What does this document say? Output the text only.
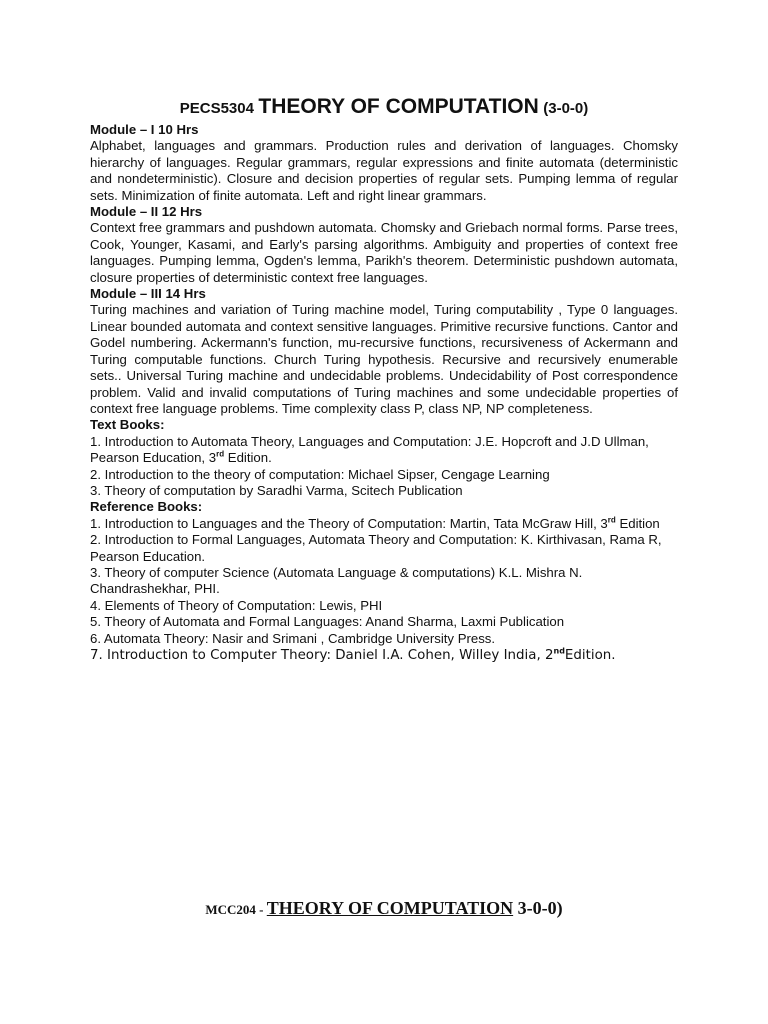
PECS5304 THEORY OF COMPUTATION (3-0-0)

Module – I 10 Hrs

Alphabet, languages and grammars. Production rules and derivation of languages. Chomsky hierarchy of languages. Regular grammars, regular expressions and finite automata (deterministic and nondeterministic). Closure and decision properties of regular sets. Pumping lemma of regular sets. Minimization of finite automata. Left and right linear grammars.

Module – II 12 Hrs

Context free grammars and pushdown automata. Chomsky and Griebach normal forms. Parse trees, Cook, Younger, Kasami, and Early's parsing algorithms. Ambiguity and properties of context free languages. Pumping lemma, Ogden's lemma, Parikh's theorem. Deterministic pushdown automata, closure properties of deterministic context free languages.

Module – III 14 Hrs

Turing machines and variation of Turing machine model, Turing computability , Type 0 languages. Linear bounded automata and context sensitive languages. Primitive recursive functions. Cantor and Godel numbering. Ackermann's function, mu-recursive functions, recursiveness of Ackermann and Turing computable functions. Church Turing hypothesis. Recursive and recursively enumerable sets.. Universal Turing machine and undecidable problems. Undecidability of Post correspondence problem. Valid and invalid computations of Turing machines and some undecidable properties of context free language problems. Time complexity class P, class NP, NP completeness.

Text Books:

1. Introduction to Automata Theory, Languages and Computation: J.E. Hopcroft and J.D Ullman, Pearson Education, 3rd Edition.
2. Introduction to the theory of computation: Michael Sipser, Cengage Learning
3. Theory of computation by Saradhi Varma, Scitech Publication

Reference Books:

1. Introduction to Languages and the Theory of Computation: Martin, Tata McGraw Hill, 3rd Edition
2. Introduction to Formal Languages, Automata Theory and Computation: K. Kirthivasan, Rama R, Pearson Education.
3. Theory of computer Science (Automata Language & computations) K.L. Mishra N. Chandrashekhar, PHI.
4. Elements of Theory of Computation: Lewis, PHI
5. Theory of Automata and Formal Languages: Anand Sharma, Laxmi Publication
6. Automata Theory: Nasir and Srimani , Cambridge University Press.
7. Introduction to Computer Theory: Daniel I.A. Cohen, Willey India, 2ndEdition.
MCC204 - THEORY OF COMPUTATION 3-0-0)
